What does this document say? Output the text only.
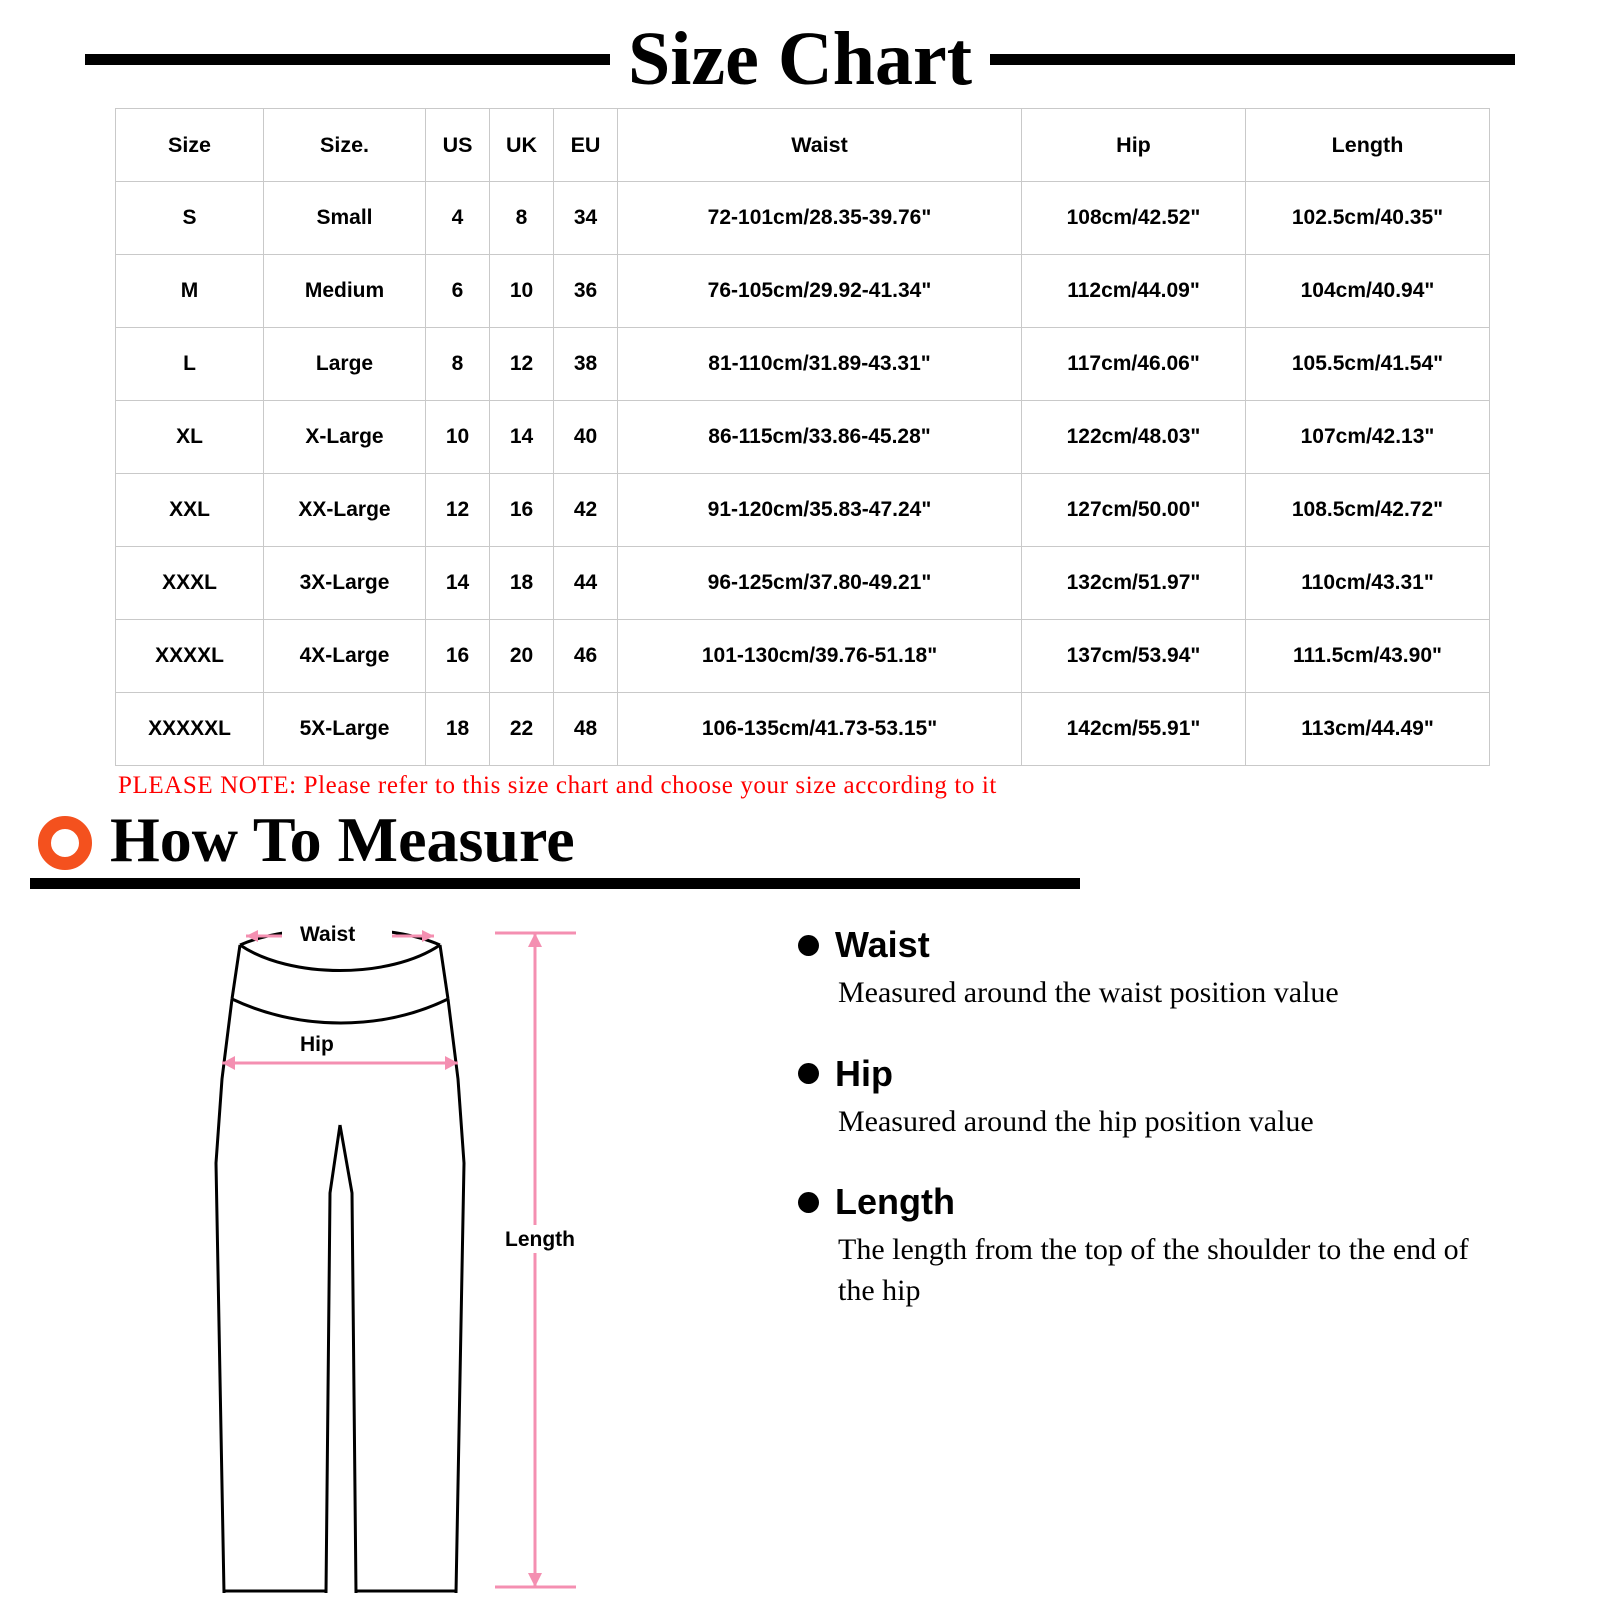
Size Chart
Size	Size.	US	UK	EU	Waist	Hip	Length
S	Small	4	8	34	72-101cm/28.35-39.76"	108cm/42.52"	102.5cm/40.35"
M	Medium	6	10	36	76-105cm/29.92-41.34"	112cm/44.09"	104cm/40.94"
L	Large	8	12	38	81-110cm/31.89-43.31"	117cm/46.06"	105.5cm/41.54"
XL	X-Large	10	14	40	86-115cm/33.86-45.28"	122cm/48.03"	107cm/42.13"
XXL	XX-Large	12	16	42	91-120cm/35.83-47.24"	127cm/50.00"	108.5cm/42.72"
XXXL	3X-Large	14	18	44	96-125cm/37.80-49.21"	132cm/51.97"	110cm/43.31"
XXXXL	4X-Large	16	20	46	101-130cm/39.76-51.18"	137cm/53.94"	111.5cm/43.90"
XXXXXL	5X-Large	18	22	48	106-135cm/41.73-53.15"	142cm/55.91"	113cm/44.49"
PLEASE NOTE: Please refer to this size chart and choose your size according to it
How To Measure
Waist
Hip
Length
Waist
Measured around the waist position value
Hip
Measured around the hip position value
Length
The length from the top of the shoulder to the end of the hip
